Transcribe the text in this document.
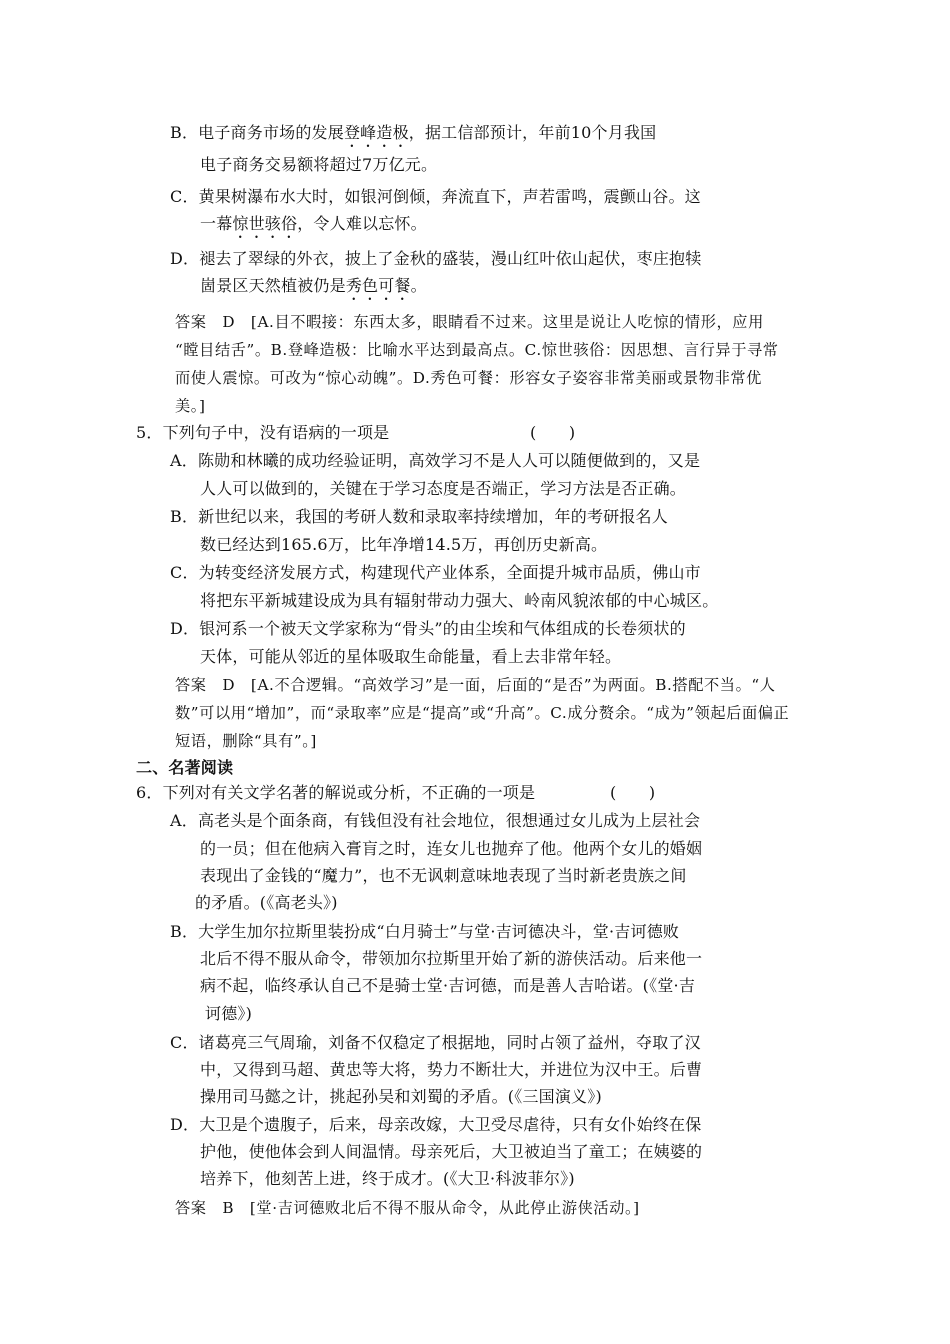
B．电子商务市场的发展登峰造极，据工信部预计，年前10个月我国
电子商务交易额将超过7万亿元。
C．黄果树瀑布水大时，如银河倒倾，奔流直下，声若雷鸣，震颤山谷。这
一幕惊世骇俗，令人难以忘怀。
D．褪去了翠绿的外衣，披上了金秋的盛装，漫山红叶依山起伏，枣庄抱犊
崮景区天然植被仍是秀色可餐。
答案　D　[A.目不暇接：东西太多，眼睛看不过来。这里是说让人吃惊的情形，应用
“瞠目结舌”。B.登峰造极：比喻水平达到最高点。C.惊世骇俗：因思想、言行异于寻常
而使人震惊。可改为“惊心动魄”。D.秀色可餐：形容女子姿容非常美丽或景物非常优
美。]
5．下列句子中，没有语病的一项是	(　　)
A．陈勋和林曦的成功经验证明，高效学习不是人人可以随便做到的，又是
人人可以做到的，关键在于学习态度是否端正，学习方法是否正确。
B．新世纪以来，我国的考研人数和录取率持续增加，年的考研报名人
数已经达到165.6万，比年净增14.5万，再创历史新高。
C．为转变经济发展方式，构建现代产业体系，全面提升城市品质，佛山市
将把东平新城建设成为具有辐射带动力强大、岭南风貌浓郁的中心城区。
D．银河系一个被天文学家称为“骨头”的由尘埃和气体组成的长卷须状的
天体，可能从邻近的星体吸取生命能量，看上去非常年轻。
答案　D　[A.不合逻辑。“高效学习”是一面，后面的“是否”为两面。B.搭配不当。“人
数”可以用“增加”，而“录取率”应是“提高”或“升高”。C.成分赘余。“成为”领起后面偏正
短语，删除“具有”。]
二、名著阅读
6．下列对有关文学名著的解说或分析，不正确的一项是	(　　)
A．高老头是个面条商，有钱但没有社会地位，很想通过女儿成为上层社会
的一员；但在他病入膏肓之时，连女儿也抛弃了他。他两个女儿的婚姻
表现出了金钱的“魔力”，也不无讽刺意味地表现了当时新老贵族之间
的矛盾。(《高老头》)
B．大学生加尔拉斯里装扮成“白月骑士”与堂·吉诃德决斗，堂·吉诃德败
北后不得不服从命令，带领加尔拉斯里开始了新的游侠活动。后来他一
病不起，临终承认自己不是骑士堂·吉诃德，而是善人吉哈诺。(《堂·吉
诃德》)
C．诸葛亮三气周瑜，刘备不仅稳定了根据地，同时占领了益州，夺取了汉
中，又得到马超、黄忠等大将，势力不断壮大，并进位为汉中王。后曹
操用司马懿之计，挑起孙吴和刘蜀的矛盾。(《三国演义》)
D．大卫是个遗腹子，后来，母亲改嫁，大卫受尽虐待，只有女仆始终在保
护他，使他体会到人间温情。母亲死后，大卫被迫当了童工；在姨婆的
培养下，他刻苦上进，终于成才。(《大卫·科波菲尔》)
答案　B　[堂·吉诃德败北后不得不服从命令，从此停止游侠活动。]
